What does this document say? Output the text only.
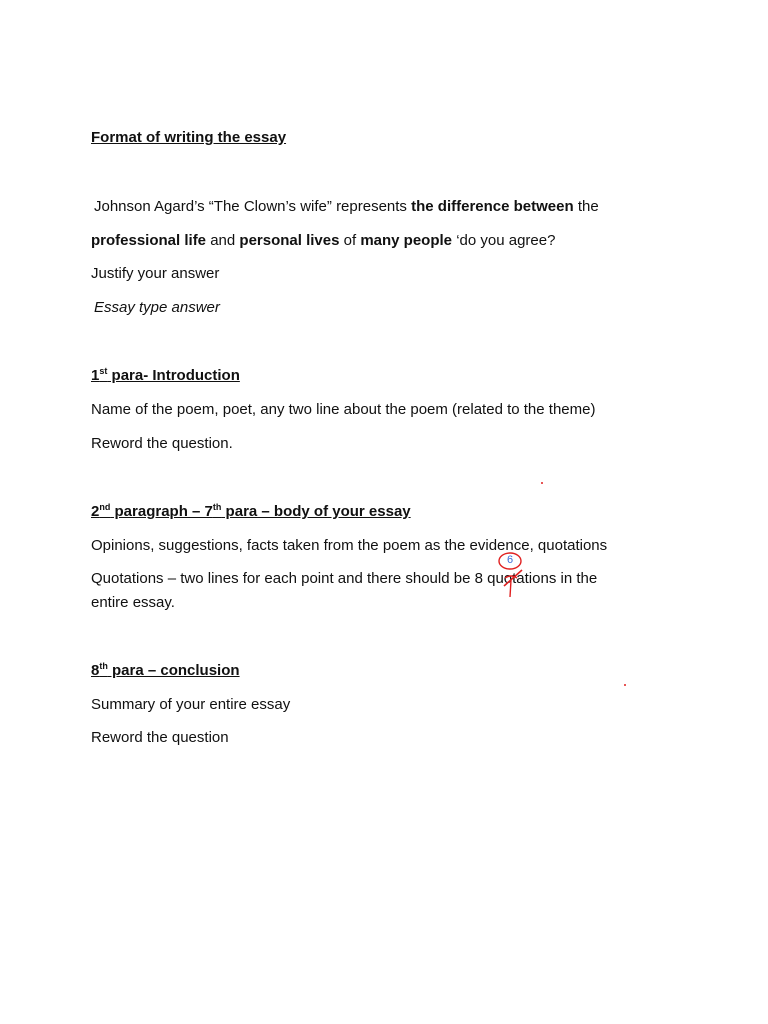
Format of writing the essay
Johnson Agard’s “The Clown’s wife” represents the difference between the
professional life and personal lives of many people ‘do you agree?
Justify your answer
Essay type answer
1st para- Introduction
Name of the poem, poet, any two line about the poem (related to the theme)
Reword the question.
2nd paragraph – 7th para – body of your essay
Opinions, suggestions, facts taken from the poem as the evidence, quotations
Quotations – two lines for each point and there should be 8 quotations in the
entire essay.
8th para – conclusion
Summary of your entire essay
Reword the question
6
